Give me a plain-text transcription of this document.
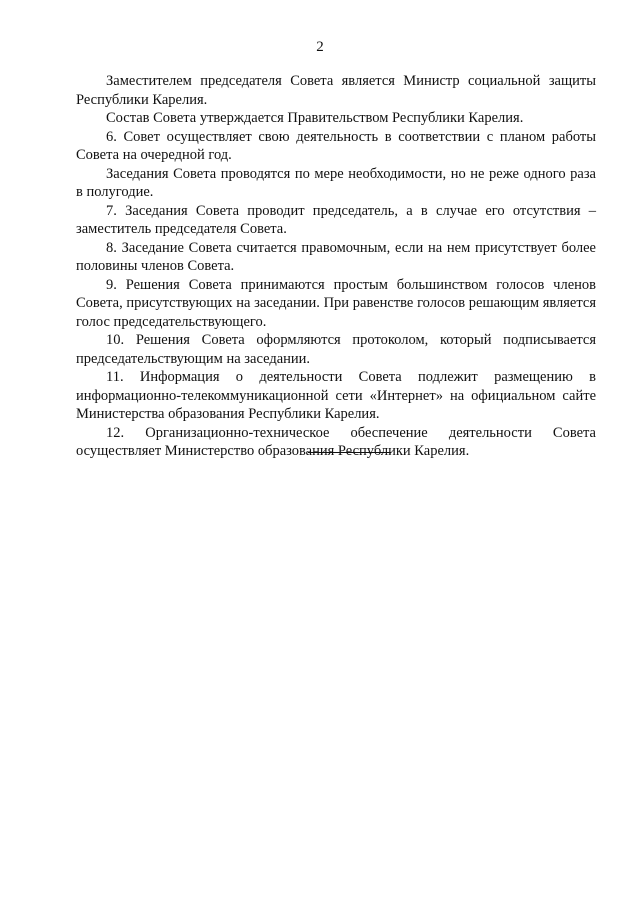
2

Заместителем председателя Совета является Министр социальной защиты Республики Карелия.

Состав Совета утверждается Правительством Республики Карелия.

6. Совет осуществляет свою деятельность в соответствии с планом работы Совета на очередной год.

Заседания Совета проводятся по мере необходимости, но не реже одного раза в полугодие.

7. Заседания Совета проводит председатель, а в случае его отсутствия – заместитель председателя Совета.

8. Заседание Совета считается правомочным, если на нем присутствует более половины членов Совета.

9. Решения Совета принимаются простым большинством голосов членов Совета, присутствующих на заседании. При равенстве голосов решающим является голос председательствующего.

10. Решения Совета оформляются протоколом, который подписывается председательствующим на заседании.

11. Информация о деятельности Совета подлежит размещению в информационно-телекоммуникационной сети «Интернет» на официальном сайте Министерства образования Республики Карелия.

12. Организационно-техническое обеспечение деятельности Совета осуществляет Министерство образования Республики Карелия.
